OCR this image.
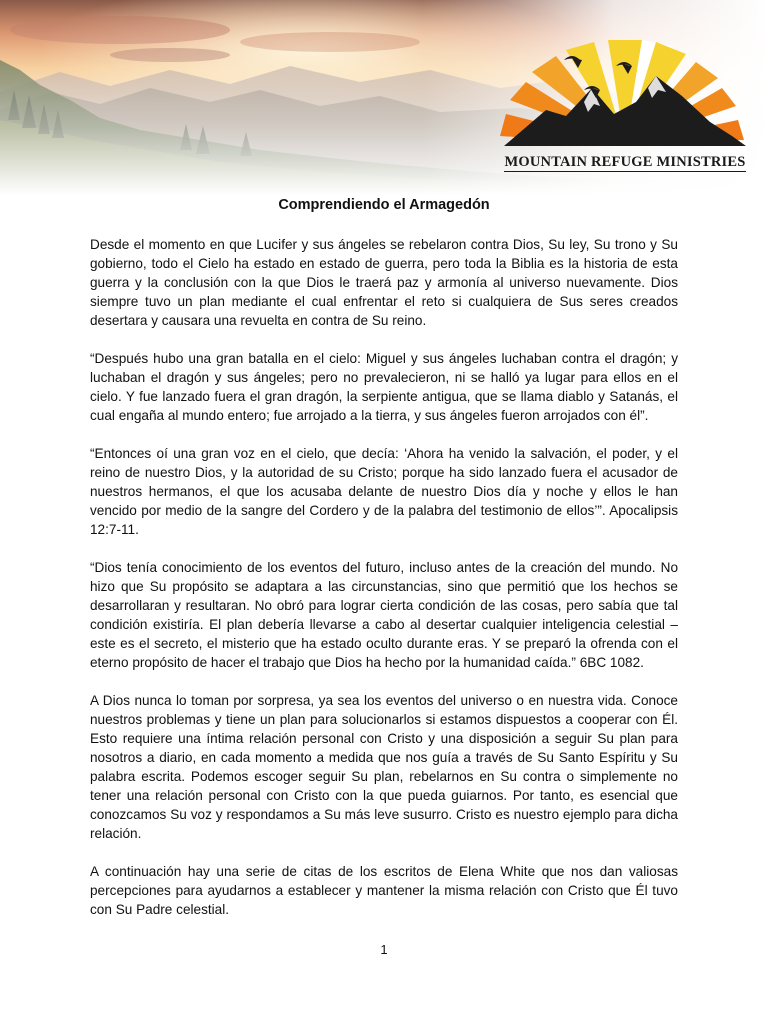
MOUNTAIN REFUGE MINISTRIES
Comprendiendo el Armagedón

Desde el momento en que Lucifer y sus ángeles se rebelaron contra Dios, Su ley, Su trono y Su gobierno, todo el Cielo ha estado en estado de guerra, pero toda la Biblia es la historia de esta guerra y la conclusión con la que Dios le traerá paz y armonía al universo nuevamente. Dios siempre tuvo un plan mediante el cual enfrentar el reto si cualquiera de Sus seres creados desertara y causara una revuelta en contra de Su reino.

“Después hubo una gran batalla en el cielo: Miguel y sus ángeles luchaban contra el dragón; y luchaban el dragón y sus ángeles; pero no prevalecieron, ni se halló ya lugar para ellos en el cielo. Y fue lanzado fuera el gran dragón, la serpiente antigua, que se llama diablo y Satanás, el cual engaña al mundo entero; fue arrojado a la tierra, y sus ángeles fueron arrojados con él”.

“Entonces oí una gran voz en el cielo, que decía: ‘Ahora ha venido la salvación, el poder, y el reino de nuestro Dios, y la autoridad de su Cristo; porque ha sido lanzado fuera el acusador de nuestros hermanos, el que los acusaba delante de nuestro Dios día y noche y ellos le han vencido por medio de la sangre del Cordero y de la palabra del testimonio de ellos’”. Apocalipsis 12:7-11.

“Dios tenía conocimiento de los eventos del futuro, incluso antes de la creación del mundo. No hizo que Su propósito se adaptara a las circunstancias, sino que permitió que los hechos se desarrollaran y resultaran. No obró para lograr cierta condición de las cosas, pero sabía que tal condición existiría. El plan debería llevarse a cabo al desertar cualquier inteligencia celestial – este es el secreto, el misterio que ha estado oculto durante eras. Y se preparó la ofrenda con el eterno propósito de hacer el trabajo que Dios ha hecho por la humanidad caída.” 6BC 1082.

A Dios nunca lo toman por sorpresa, ya sea los eventos del universo o en nuestra vida. Conoce nuestros problemas y tiene un plan para solucionarlos si estamos dispuestos a cooperar con Él. Esto requiere una íntima relación personal con Cristo y una disposición a seguir Su plan para nosotros a diario, en cada momento a medida que nos guía a través de Su Santo Espíritu y Su palabra escrita. Podemos escoger seguir Su plan, rebelarnos en Su contra o simplemente no tener una relación personal con Cristo con la que pueda guiarnos. Por tanto, es esencial que conozcamos Su voz y respondamos a Su más leve susurro. Cristo es nuestro ejemplo para dicha relación.

A continuación hay una serie de citas de los escritos de Elena White que nos dan valiosas percepciones para ayudarnos a establecer y mantener la misma relación con Cristo que Él tuvo con Su Padre celestial.

1
